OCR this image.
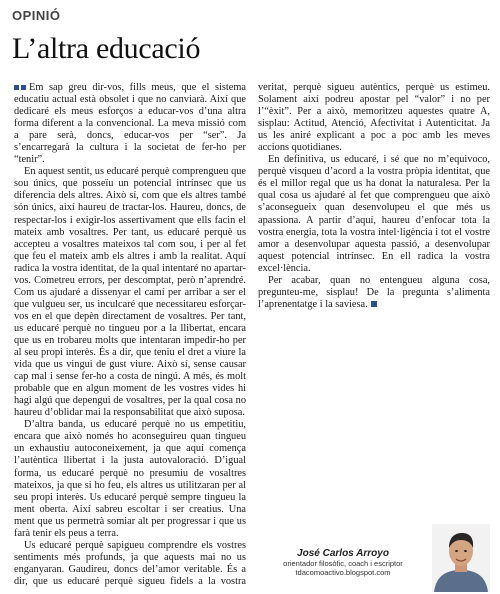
OPINIÓ
L’altra educació

Em sap greu dir-vos, fills meus, que el sistema educatiu actual està obsolet i que no canviarà. Així que dedicaré els meus esforços a educar-vos d’una altra forma diferent a la convencional. La meva missió com a pare serà, doncs, educar-vos per “ser”. Ja s’encarregarà la cultura i la societat de fer-ho per “tenir”.

En aquest sentit, us educaré perquè comprengueu que sou únics, que posseïu un potencial intrínsec que us diferencia dels altres. Això sí, com que els altres també són únics, així haureu de tractar-los. Haureu, doncs, de respectar-los i exigir-los assertivament que ells facin el mateix amb vosaltres. Per tant, us educaré perquè us accepteu a vosaltres mateixos tal com sou, i per al fet que feu el mateix amb els altres i amb la realitat. Aquí radica la vostra identitat, de la qual intentaré no apartar-vos. Cometreu errors, per descomptat, però n’aprendré. Com us ajudaré a dissenyar el camí per arribar a ser el que vulgueu ser, us inculcaré que necessitareu esforçar-vos en el que depèn directament de vosaltres. Per tant, us educaré perquè no tingueu por a la llibertat, encara que us en trobareu molts que intentaran impedir-ho per al seu propi interès. És a dir, que teniu el dret a viure la vida que us vingui de gust viure. Això sí, sense causar cap mal i sense fer-ho a costa de ningú. A més, és molt probable que en algun moment de les vostres vides hi hagi algú que depengui de vosaltres, per la qual cosa no haureu d’oblidar mai la responsabilitat que això suposa.

D’altra banda, us educaré perquè no us empetitiu, encara que això només ho aconseguireu quan tingueu un exhaustiu autoconeixement, ja que aquí comença l’autèntica llibertat i la justa autovaloració. D’igual forma, us educaré perquè no presumiu de vosaltres mateixos, ja que si ho feu, els altres us utilitzaran per al seu propi interès. Us educaré perquè sempre tingueu la ment oberta. Així sabreu escoltar i ser creatius. Una ment que us permetrà somiar alt per progressar i que us farà tenir els peus a terra.

Us educaré perquè sapigueu comprendre els vostres sentiments més profunds, ja que aquests mai no us enganyaran. Gaudireu, doncs del’amor veritable. És a dir, que us educaré perquè sigueu fidels a la vostra veritat, perquè sigueu autèntics, perquè us estimeu. Solament així podreu apostar pel “valor” i no per l’“èxit”. Per a això, memoritzeu aquestes quatre A, sisplau: Actitud, Atenció, Afectivitat i Autenticitat. Ja us les aniré explicant a poc a poc amb les meves accions quotidianes.

En definitiva, us educaré, i sé que no m’equivoco, perquè visqueu d’acord a la vostra pròpia identitat, que és el millor regal que us ha donat la naturalesa. Per la qual cosa us ajudaré al fet que comprengueu que això s’aconsegueix quan desenvolupeu el que més us apassiona. A partir d’aquí, haureu d’enfocar tota la vostra energia, tota la vostra intel·ligència i tot el vostre amor a desenvolupar aquesta passió, a desenvolupar aquest potencial intrínsec. En ell radica la vostra excel·lència.

Per acabar, quan no entengueu alguna cosa, pregunteu-me, sisplau! De la pregunta s’alimenta l’aprenentatge i la saviesa.

José Carlos Arroyo
orientador filosòfic, coach i escriptor
tdacomoactivo.blogspot.com
